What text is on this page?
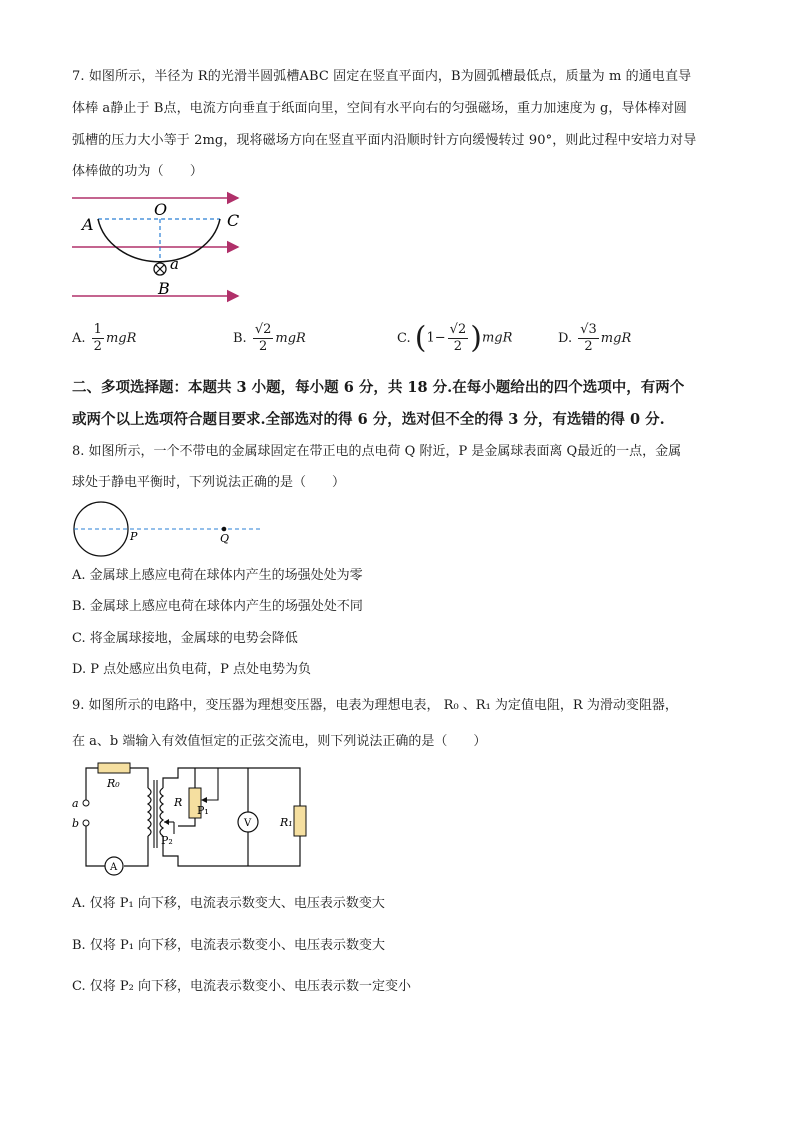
7. 如图所示，半径为 R的光滑半圆弧槽ABC 固定在竖直平面内，B为圆弧槽最低点，质量为 m 的通电直导
体棒 a静止于 B点，电流方向垂直于纸面向里，空间有水平向右的匀强磁场，重力加速度为 g，导体棒对圆
弧槽的压力大小等于 2mg，现将磁场方向在竖直平面内沿顺时针方向缓慢转过 90°，则此过程中安培力对导
体棒做的功为（　　）
A
O
C
a
B
A. $\frac{1}{2}$ mgR	B. $\frac{√2}{2}$ mgR	C. $(1- \frac{√2}{2} )mgR$	D. $\frac{√3}{2}$ mgR
二、多项选择题：本题共 3 小题，每小题 6 分，共 18 分.在每小题给出的四个选项中，有两个
或两个以上选项符合题目要求.全部选对的得 6 分，选对但不全的得 3 分，有选错的得 0 分.
8. 如图所示，一个不带电的金属球固定在带正电的点电荷 Q 附近，P 是金属球表面离 Q最近的一点，金属
球处于静电平衡时，下列说法正确的是（　　）
P	Q
A. 金属球上感应电荷在球体内产生的场强处处为零
B. 金属球上感应电荷在球体内产生的场强处处不同
C. 将金属球接地，金属球的电势会降低
D. P 点处感应出负电荷，P 点处电势为负
9. 如图所示的电路中，变压器为理想变压器，电表为理想电表， R₀ 、R₁ 为定值电阻，R 为滑动变阻器，
在 a、b 端输入有效值恒定的正弦交流电，则下列说法正确的是（　　）
A
R₀
a
b
P₂
R
P₁
V	R₁
A. 仅将 P₁ 向下移，电流表示数变大、电压表示数变大
B. 仅将 P₁ 向下移，电流表示数变小、电压表示数变大
C. 仅将 P₂ 向下移，电流表示数变小、电压表示数一定变小
